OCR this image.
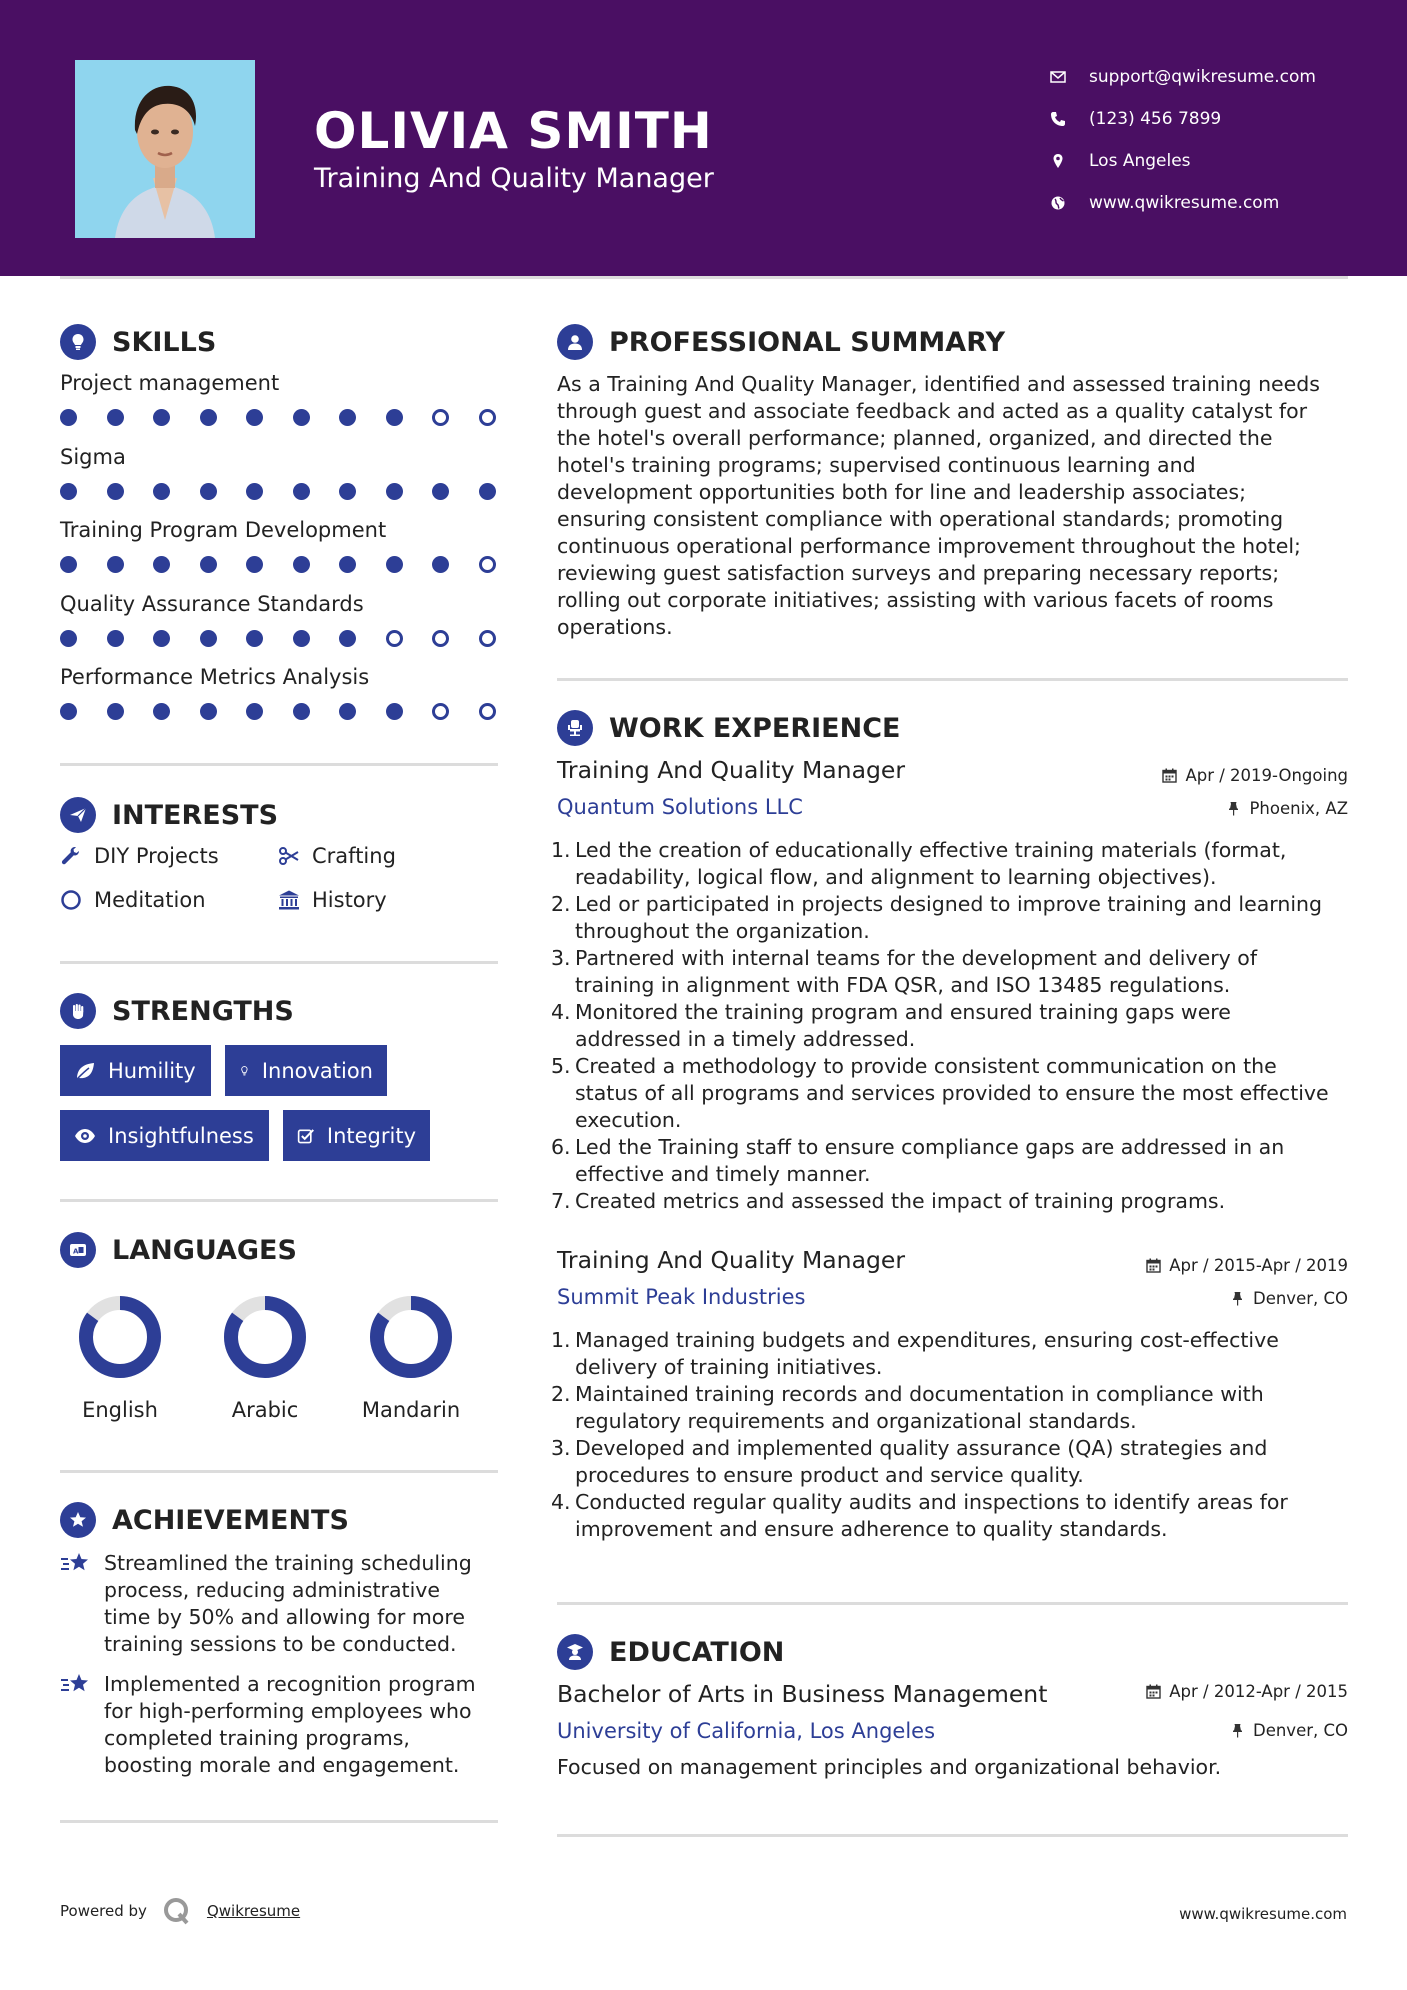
OLIVIA SMITH
Training And Quality Manager
support@qwikresume.com
(123) 456 7899
Los Angeles
www.qwikresume.com
SKILLS
Project management
Sigma
Training Program Development
Quality Assurance Standards
Performance Metrics Analysis
INTERESTS
DIY Projects	Crafting
Meditation	History
STRENGTHS
Humility	Innovation
Insightfulness	Integrity
A LANGUAGES
English	Arabic	Mandarin
ACHIEVEMENTS
Streamlined the training scheduling
process, reducing administrative
time by 50% and allowing for more
training sessions to be conducted.
Implemented a recognition program
for high-performing employees who
completed training programs,
boosting morale and engagement.
PROFESSIONAL SUMMARY
As a Training And Quality Manager, identified and assessed training needs
through guest and associate feedback and acted as a quality catalyst for
the hotel's overall performance; planned, organized, and directed the
hotel's training programs; supervised continuous learning and
development opportunities both for line and leadership associates;
ensuring consistent compliance with operational standards; promoting
continuous operational performance improvement throughout the hotel;
reviewing guest satisfaction surveys and preparing necessary reports;
rolling out corporate initiatives; assisting with various facets of rooms
operations.
WORK EXPERIENCE
Training And Quality Manager	Apr / 2019-Ongoing
Quantum Solutions LLC	Phoenix, AZ
1. Led the creation of educationally effective training materials (format,
readability, logical flow, and alignment to learning objectives).
2. Led or participated in projects designed to improve training and learning
throughout the organization.
3. Partnered with internal teams for the development and delivery of
training in alignment with FDA QSR, and ISO 13485 regulations.
4. Monitored the training program and ensured training gaps were
addressed in a timely addressed.
5. Created a methodology to provide consistent communication on the
status of all programs and services provided to ensure the most effective
execution.
6. Led the Training staff to ensure compliance gaps are addressed in an
effective and timely manner.
7. Created metrics and assessed the impact of training programs.
Training And Quality Manager	Apr / 2015-Apr / 2019
Summit Peak Industries	Denver, CO
1. Managed training budgets and expenditures, ensuring cost-effective
delivery of training initiatives.
2. Maintained training records and documentation in compliance with
regulatory requirements and organizational standards.
3. Developed and implemented quality assurance (QA) strategies and
procedures to ensure product and service quality.
4. Conducted regular quality audits and inspections to identify areas for
improvement and ensure adherence to quality standards.
EDUCATION
Bachelor of Arts in Business Management	Apr / 2012-Apr / 2015
University of California, Los Angeles	Denver, CO
Focused on management principles and organizational behavior.
Powered by	Qwikresume	www.qwikresume.com
